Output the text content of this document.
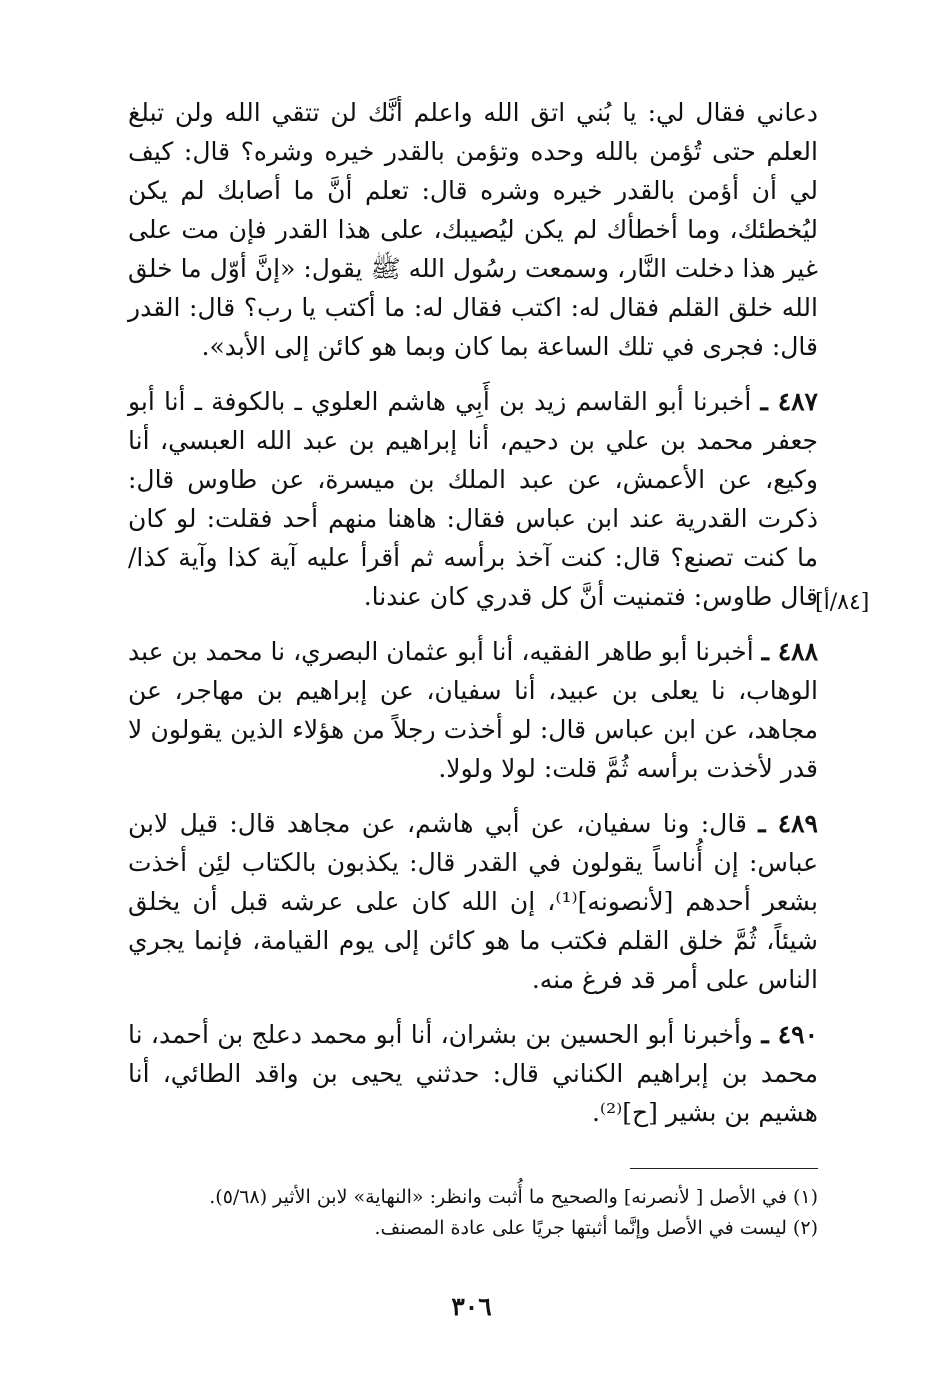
دعاني فقال لي: يا بُني اتق الله واعلم أنَّك لن تتقي الله ولن تبلغ العلم حتى تُؤمن بالله وحده وتؤمن بالقدر خيره وشره؟ قال: كيف لي أن أؤمن بالقدر خيره وشره قال: تعلم أنَّ ما أصابك لم يكن ليُخطئك، وما أخطأك لم يكن ليُصيبك، على هذا القدر فإن مت على غير هذا دخلت النَّار، وسمعت رسُول الله ﷺ يقول: «إنَّ أوّل ما خلق الله خلق القلم فقال له: اكتب فقال له: ما أكتب يا رب؟ قال: القدر قال: فجرى في تلك الساعة بما كان وبما هو كائن إلى الأبد».

٤٨٧ ـ أخبرنا أبو القاسم زيد بن أَبِي هاشم العلوي ـ بالكوفة ـ أنا أبو جعفر محمد بن علي بن دحيم، أنا إبراهيم بن عبد الله العبسي، أنا وكيع، عن الأعمش، عن عبد الملك بن ميسرة، عن طاوس قال: ذكرت القدرية عند ابن عباس فقال: هاهنا منهم أحد فقلت: لو كان ما كنت تصنع؟ قال: كنت آخذ برأسه ثم أقرأ عليه آية كذا وآية كذا/ قال طاوس: فتمنيت أنَّ كل قدري كان عندنا.

٤٨٨ ـ أخبرنا أبو طاهر الفقيه، أنا أبو عثمان البصري، نا محمد بن عبد الوهاب، نا يعلى بن عبيد، أنا سفيان، عن إبراهيم بن مهاجر، عن مجاهد، عن ابن عباس قال: لو أخذت رجلاً من هؤلاء الذين يقولون لا قدر لأخذت برأسه ثُمَّ قلت: لولا ولولا.

٤٨٩ ـ قال: ونا سفيان، عن أبي هاشم، عن مجاهد قال: قيل لابن عباس: إن أُناساً يقولون في القدر قال: يكذبون بالكتاب لئِن أخذت بشعر أحدهم [لأنصونه]⁽¹⁾، إن الله كان على عرشه قبل أن يخلق شيئاً، ثُمَّ خلق القلم فكتب ما هو كائن إلى يوم القيامة، فإنما يجري الناس على أمر قد فرغ منه.

٤٩٠ ـ وأخبرنا أبو الحسين بن بشران، أنا أبو محمد دعلج بن أحمد، نا محمد بن إبراهيم الكناني قال: حدثني يحيى بن واقد الطائي، أنا هشيم بن بشير [ح]⁽²⁾.

[٨٤/أ]
(١) في الأصل [ لأنصرنه] والصحيح ما أُثبت وانظر: «النهاية» لابن الأثير (٥/٦٨).
(٢) ليست في الأصل وإنَّما أثبتها جريًا على عادة المصنف.
٣٠٦
